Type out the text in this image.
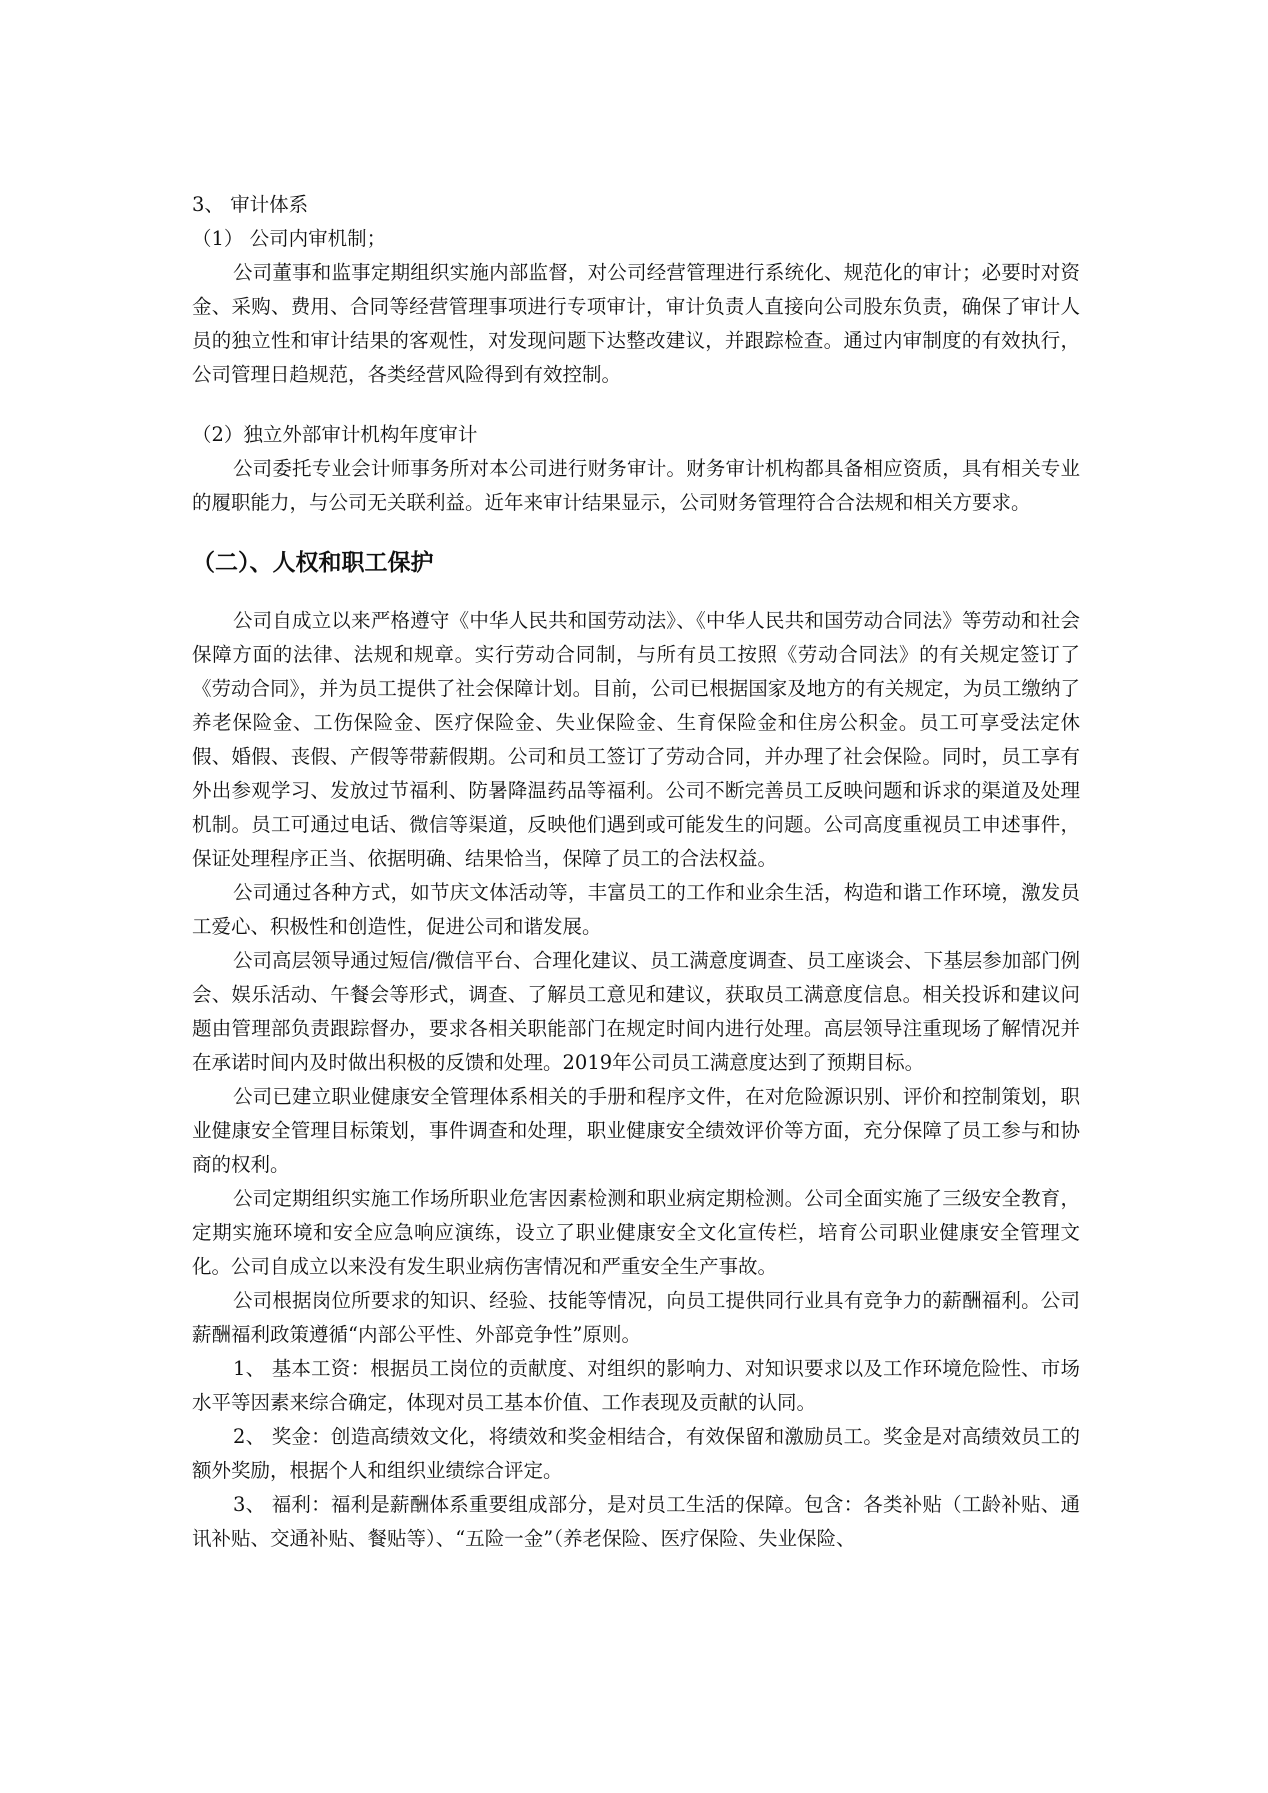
3、 审计体系

（1） 公司内审机制；

公司董事和监事定期组织实施内部监督，对公司经营管理进行系统化、规范化的审计；必要时对资金、采购、费用、合同等经营管理事项进行专项审计，审计负责人直接向公司股东负责，确保了审计人员的独立性和审计结果的客观性，对发现问题下达整改建议，并跟踪检查。通过内审制度的有效执行，公司管理日趋规范，各类经营风险得到有效控制。

（2）独立外部审计机构年度审计

公司委托专业会计师事务所对本公司进行财务审计。财务审计机构都具备相应资质，具有相关专业的履职能力，与公司无关联利益。近年来审计结果显示，公司财务管理符合合法规和相关方要求。

（二）、人权和职工保护

公司自成立以来严格遵守《中华人民共和国劳动法》、《中华人民共和国劳动合同法》等劳动和社会保障方面的法律、法规和规章。实行劳动合同制，与所有员工按照《劳动合同法》的有关规定签订了《劳动合同》，并为员工提供了社会保障计划。目前，公司已根据国家及地方的有关规定，为员工缴纳了养老保险金、工伤保险金、医疗保险金、失业保险金、生育保险金和住房公积金。员工可享受法定休假、婚假、丧假、产假等带薪假期。公司和员工签订了劳动合同，并办理了社会保险。同时，员工享有外出参观学习、发放过节福利、防暑降温药品等福利。公司不断完善员工反映问题和诉求的渠道及处理机制。员工可通过电话、微信等渠道，反映他们遇到或可能发生的问题。公司高度重视员工申述事件，保证处理程序正当、依据明确、结果恰当，保障了员工的合法权益。

公司通过各种方式，如节庆文体活动等，丰富员工的工作和业余生活，构造和谐工作环境，激发员工爱心、积极性和创造性，促进公司和谐发展。

公司高层领导通过短信/微信平台、合理化建议、员工满意度调查、员工座谈会、下基层参加部门例会、娱乐活动、午餐会等形式，调查、了解员工意见和建议，获取员工满意度信息。相关投诉和建议问题由管理部负责跟踪督办，要求各相关职能部门在规定时间内进行处理。高层领导注重现场了解情况并在承诺时间内及时做出积极的反馈和处理。2019年公司员工满意度达到了预期目标。

公司已建立职业健康安全管理体系相关的手册和程序文件，在对危险源识别、评价和控制策划，职业健康安全管理目标策划，事件调查和处理，职业健康安全绩效评价等方面，充分保障了员工参与和协商的权利。

公司定期组织实施工作场所职业危害因素检测和职业病定期检测。公司全面实施了三级安全教育，定期实施环境和安全应急响应演练，设立了职业健康安全文化宣传栏，培育公司职业健康安全管理文化。公司自成立以来没有发生职业病伤害情况和严重安全生产事故。

公司根据岗位所要求的知识、经验、技能等情况，向员工提供同行业具有竞争力的薪酬福利。公司薪酬福利政策遵循“内部公平性、外部竞争性”原则。

1、 基本工资：根据员工岗位的贡献度、对组织的影响力、对知识要求以及工作环境危险性、市场水平等因素来综合确定，体现对员工基本价值、工作表现及贡献的认同。

2、 奖金：创造高绩效文化，将绩效和奖金相结合，有效保留和激励员工。奖金是对高绩效员工的额外奖励，根据个人和组织业绩综合评定。

3、 福利：福利是薪酬体系重要组成部分，是对员工生活的保障。包含：各类补贴（工龄补贴、通讯补贴、交通补贴、餐贴等）、“五险一金”（养老保险、医疗保险、失业保险、
